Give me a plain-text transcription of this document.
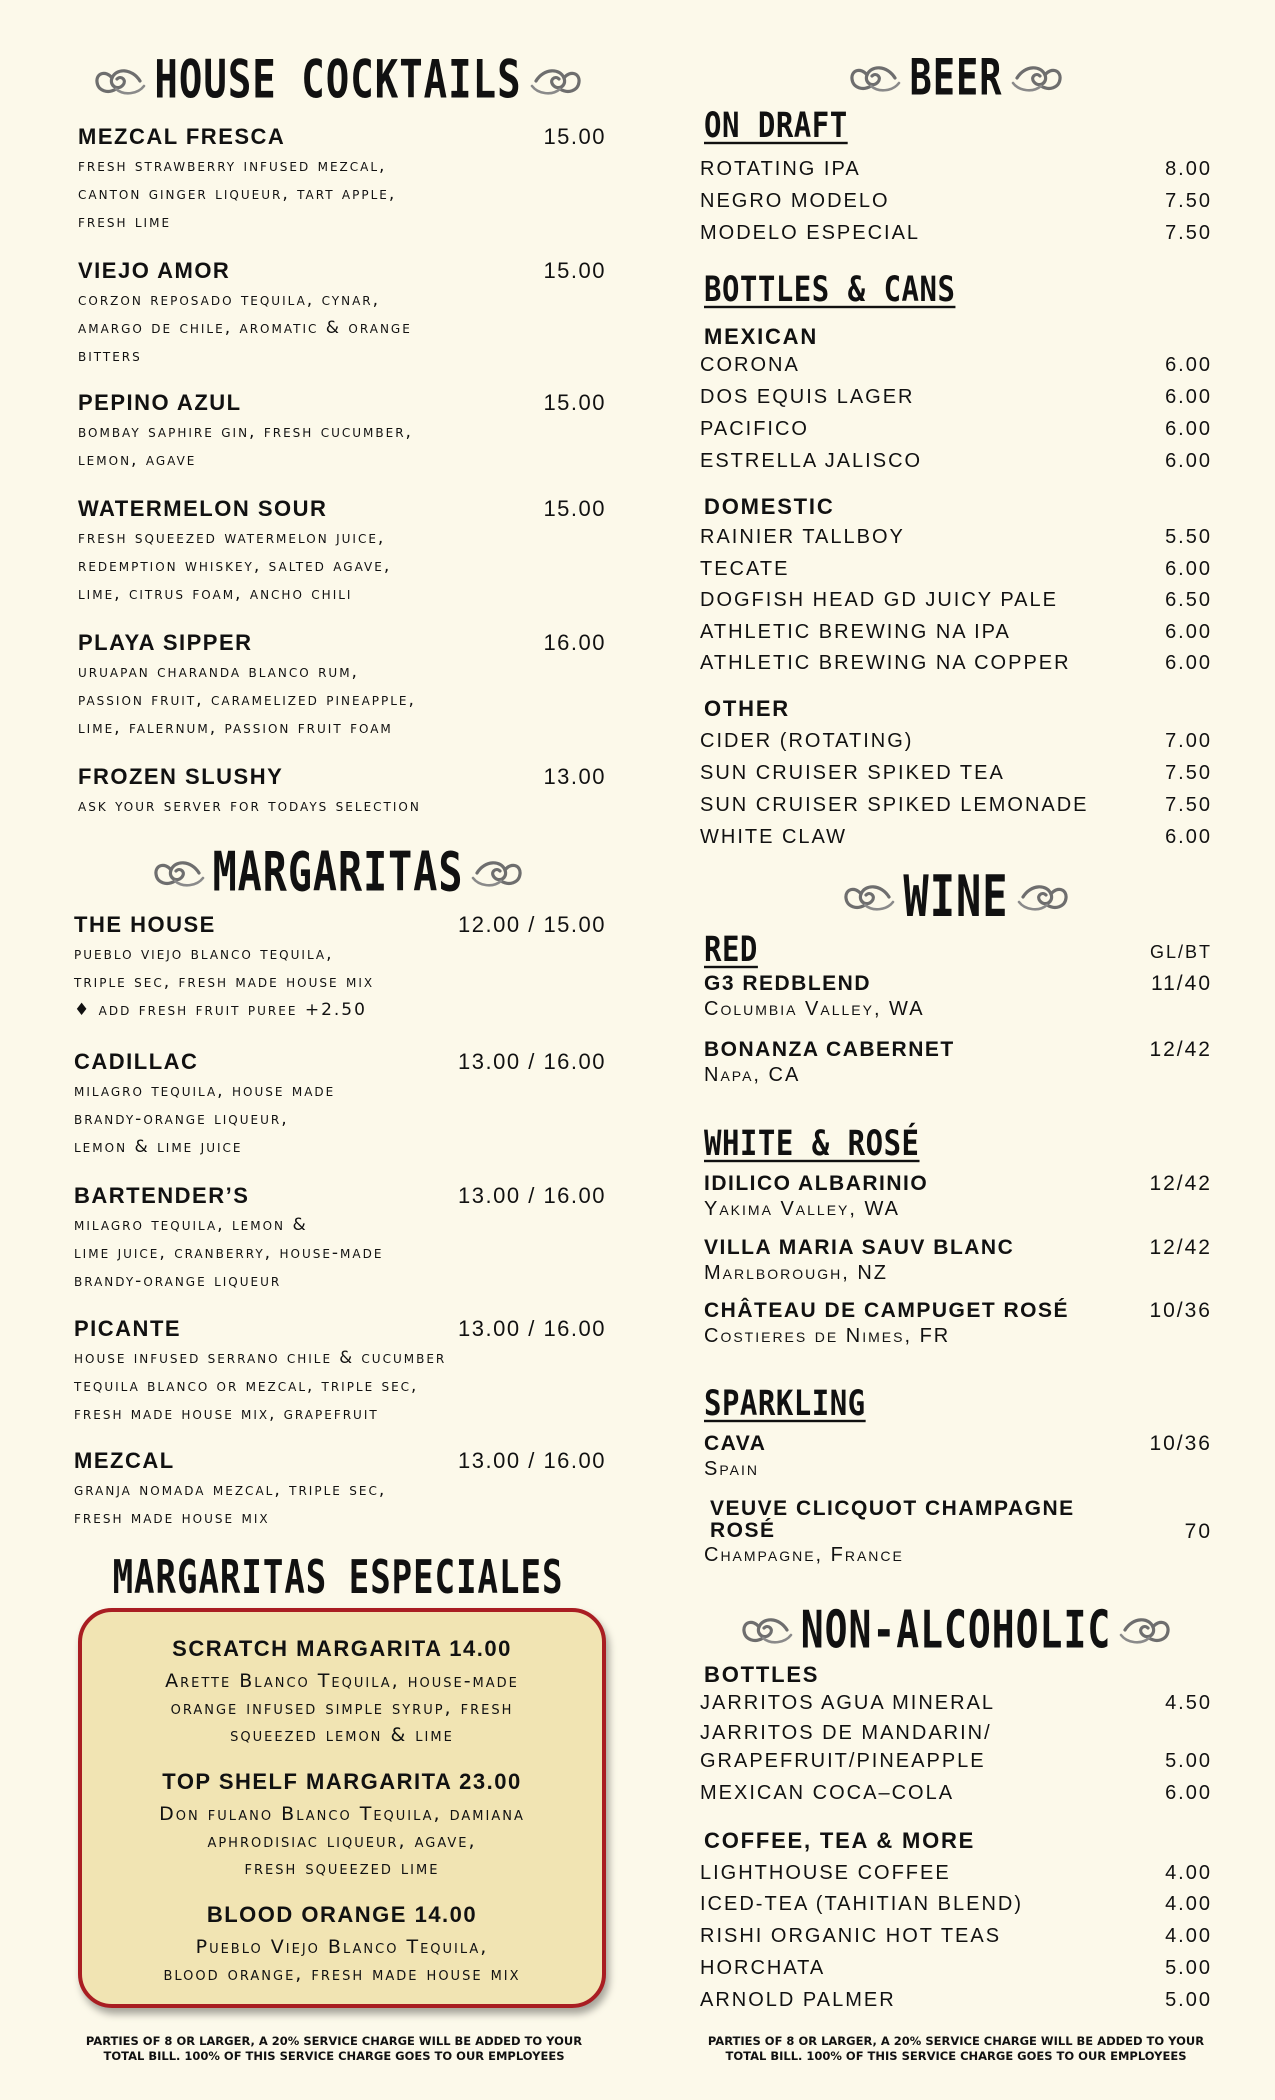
HOUSE COCKTAILS
MEZCAL FRESCA	15.00
fresh strawberry infused mezcal,
canton ginger liqueur, tart apple,
fresh lime
VIEJO AMOR	15.00
corzon reposado tequila, cynar,
amargo de chile, aromatic & orange
bitters
PEPINO AZUL	15.00
bombay saphire gin, fresh cucumber,
lemon, agave
WATERMELON SOUR	15.00
fresh squeezed watermelon juice,
redemption whiskey, salted agave,
lime, citrus foam, ancho chili
PLAYA SIPPER	16.00
uruapan charanda blanco rum,
passion fruit, caramelized pineapple,
lime, falernum, passion fruit foam
FROZEN SLUSHY	13.00
ask your server for todays selection
MARGARITAS
THE HOUSE	12.00 / 15.00
pueblo viejo blanco tequila,
triple sec, fresh made house mix
♦ add fresh fruit puree +2.50
CADILLAC	13.00 / 16.00
milagro tequila, house made
brandy-orange liqueur,
lemon & lime juice
BARTENDER’S	13.00 / 16.00
milagro tequila, lemon &
lime juice, cranberry, house-made
brandy-orange liqueur
PICANTE	13.00 / 16.00
house infused serrano chile & cucumber
tequila blanco or mezcal, triple sec,
fresh made house mix, grapefruit
MEZCAL	13.00 / 16.00
granja nomada mezcal, triple sec,
fresh made house mix
MARGARITAS ESPECIALES
PARTIES OF 8 OR LARGER, A 20% SERVICE CHARGE WILL BE ADDED TO YOUR
TOTAL BILL. 100% OF THIS SERVICE CHARGE GOES TO OUR EMPLOYEES
SCRATCH MARGARITA 14.00
Arette Blanco Tequila, house-made
orange infused simple syrup, fresh
squeezed lemon & lime
TOP SHELF MARGARITA 23.00
Don fulano Blanco Tequila, damiana
aphrodisiac liqueur, agave,
fresh squeezed lime
BLOOD ORANGE 14.00
Pueblo Viejo Blanco Tequila,
blood orange, fresh made house mix
BEER
ON DRAFT
ROTATING IPA	8.00
NEGRO MODELO	7.50
MODELO ESPECIAL	7.50
BOTTLES & CANS
MEXICAN
CORONA	6.00
DOS EQUIS LAGER	6.00
PACIFICO	6.00
ESTRELLA JALISCO	6.00
DOMESTIC
RAINIER TALLBOY	5.50
TECATE	6.00
DOGFISH HEAD GD JUICY PALE	6.50
ATHLETIC BREWING NA IPA	6.00
ATHLETIC BREWING NA COPPER	6.00
OTHER
CIDER (ROTATING)	7.00
SUN CRUISER SPIKED TEA	7.50
SUN CRUISER SPIKED LEMONADE	7.50
WHITE CLAW	6.00
WINE
RED	GL/BT
G3 REDBLEND	11/40
Columbia Valley, WA
BONANZA CABERNET	12/42
Napa, CA
WHITE & ROSÉ
IDILICO ALBARINIO	12/42
Yakima Valley, WA
VILLA MARIA SAUV BLANC	12/42
Marlborough, NZ
CHÂTEAU DE CAMPUGET ROSÉ	10/36
Costieres de Nimes, FR
SPARKLING
CAVA	10/36
Spain
VEUVE CLICQUOT CHAMPAGNE ROSÉ	70
Champagne, France
NON-ALCOHOLIC
BOTTLES
JARRITOS AGUA MINERAL	4.50
JARRITOS DE MANDARIN/
GRAPEFRUIT/PINEAPPLE	5.00
MEXICAN COCA–COLA	6.00
COFFEE, TEA & MORE
LIGHTHOUSE COFFEE	4.00
ICED-TEA (TAHITIAN BLEND)	4.00
RISHI ORGANIC HOT TEAS	4.00
HORCHATA	5.00
ARNOLD PALMER	5.00
PARTIES OF 8 OR LARGER, A 20% SERVICE CHARGE WILL BE ADDED TO YOUR
TOTAL BILL. 100% OF THIS SERVICE CHARGE GOES TO OUR EMPLOYEES
